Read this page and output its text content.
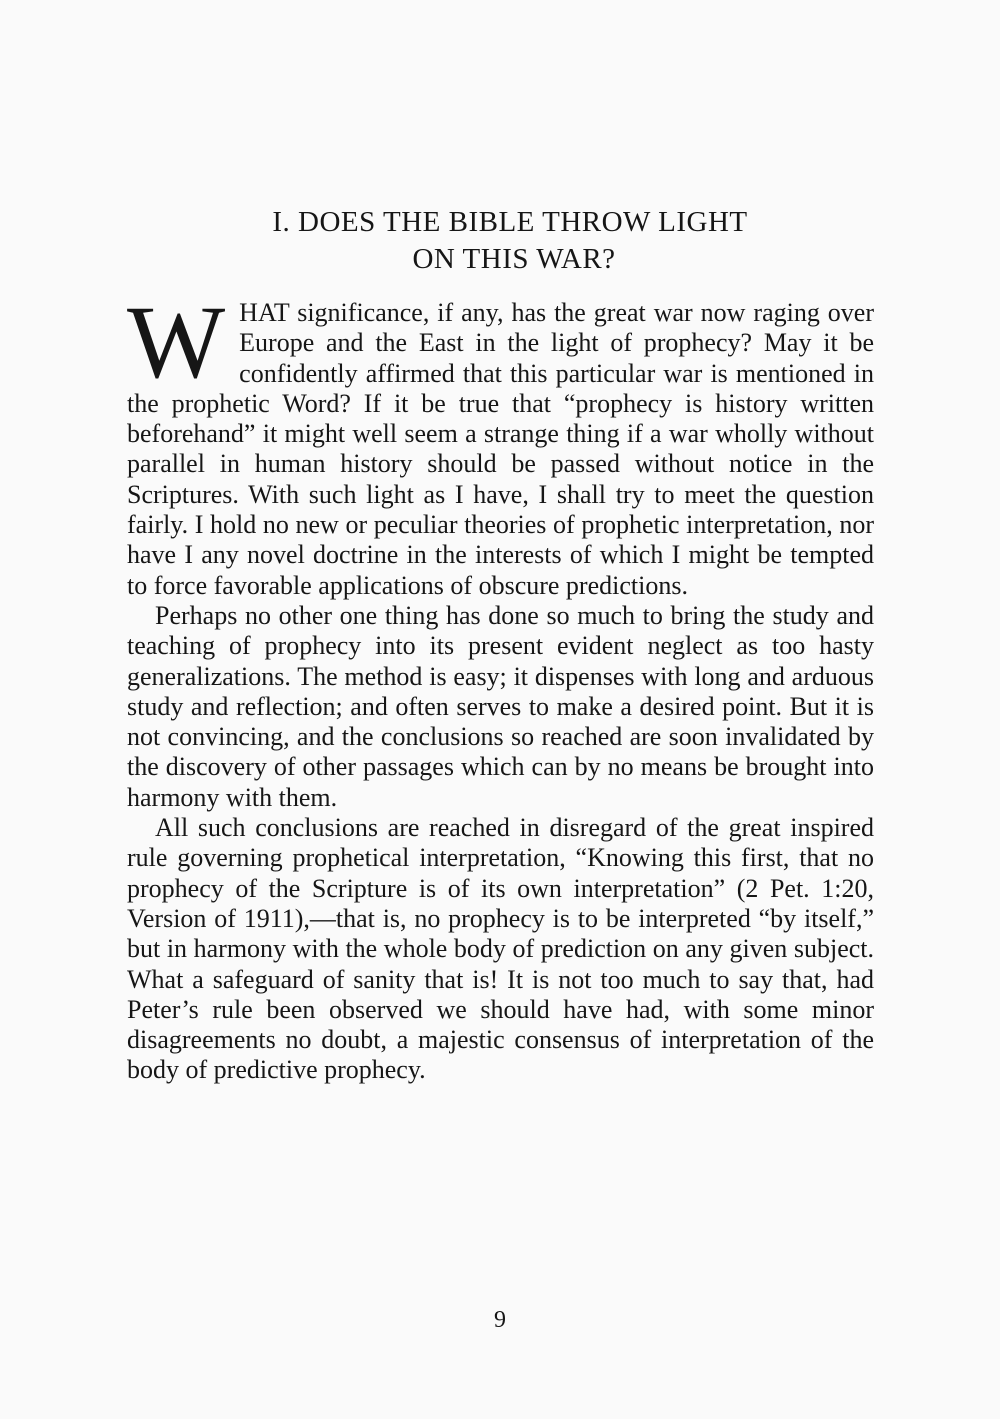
I. DOES THE BIBLE THROW LIGHT
ON THIS WAR?

WHAT significance, if any, has the great war now raging over Europe and the East in the light of prophecy? May it be confidently affirmed that this particular war is mentioned in the prophetic Word? If it be true that “prophecy is history written beforehand” it might well seem a strange thing if a war wholly without parallel in human history should be passed without notice in the Scriptures. With such light as I have, I shall try to meet the question fairly. I hold no new or peculiar theories of prophetic interpretation, nor have I any novel doctrine in the interests of which I might be tempted to force favorable applications of obscure predictions.

Perhaps no other one thing has done so much to bring the study and teaching of prophecy into its present evident neglect as too hasty generalizations. The method is easy; it dispenses with long and arduous study and reflection; and often serves to make a desired point. But it is not convincing, and the conclusions so reached are soon invalidated by the discovery of other passages which can by no means be brought into harmony with them.

All such conclusions are reached in disregard of the great inspired rule governing prophetical interpretation, “Knowing this first, that no prophecy of the Scripture is of its own interpretation” (2 Pet. 1:20, Version of 1911),—that is, no prophecy is to be interpreted “by itself,” but in harmony with the whole body of prediction on any given subject. What a safeguard of sanity that is! It is not too much to say that, had Peter’s rule been observed we should have had, with some minor disagreements no doubt, a majestic consensus of interpretation of the body of predictive prophecy.

9
